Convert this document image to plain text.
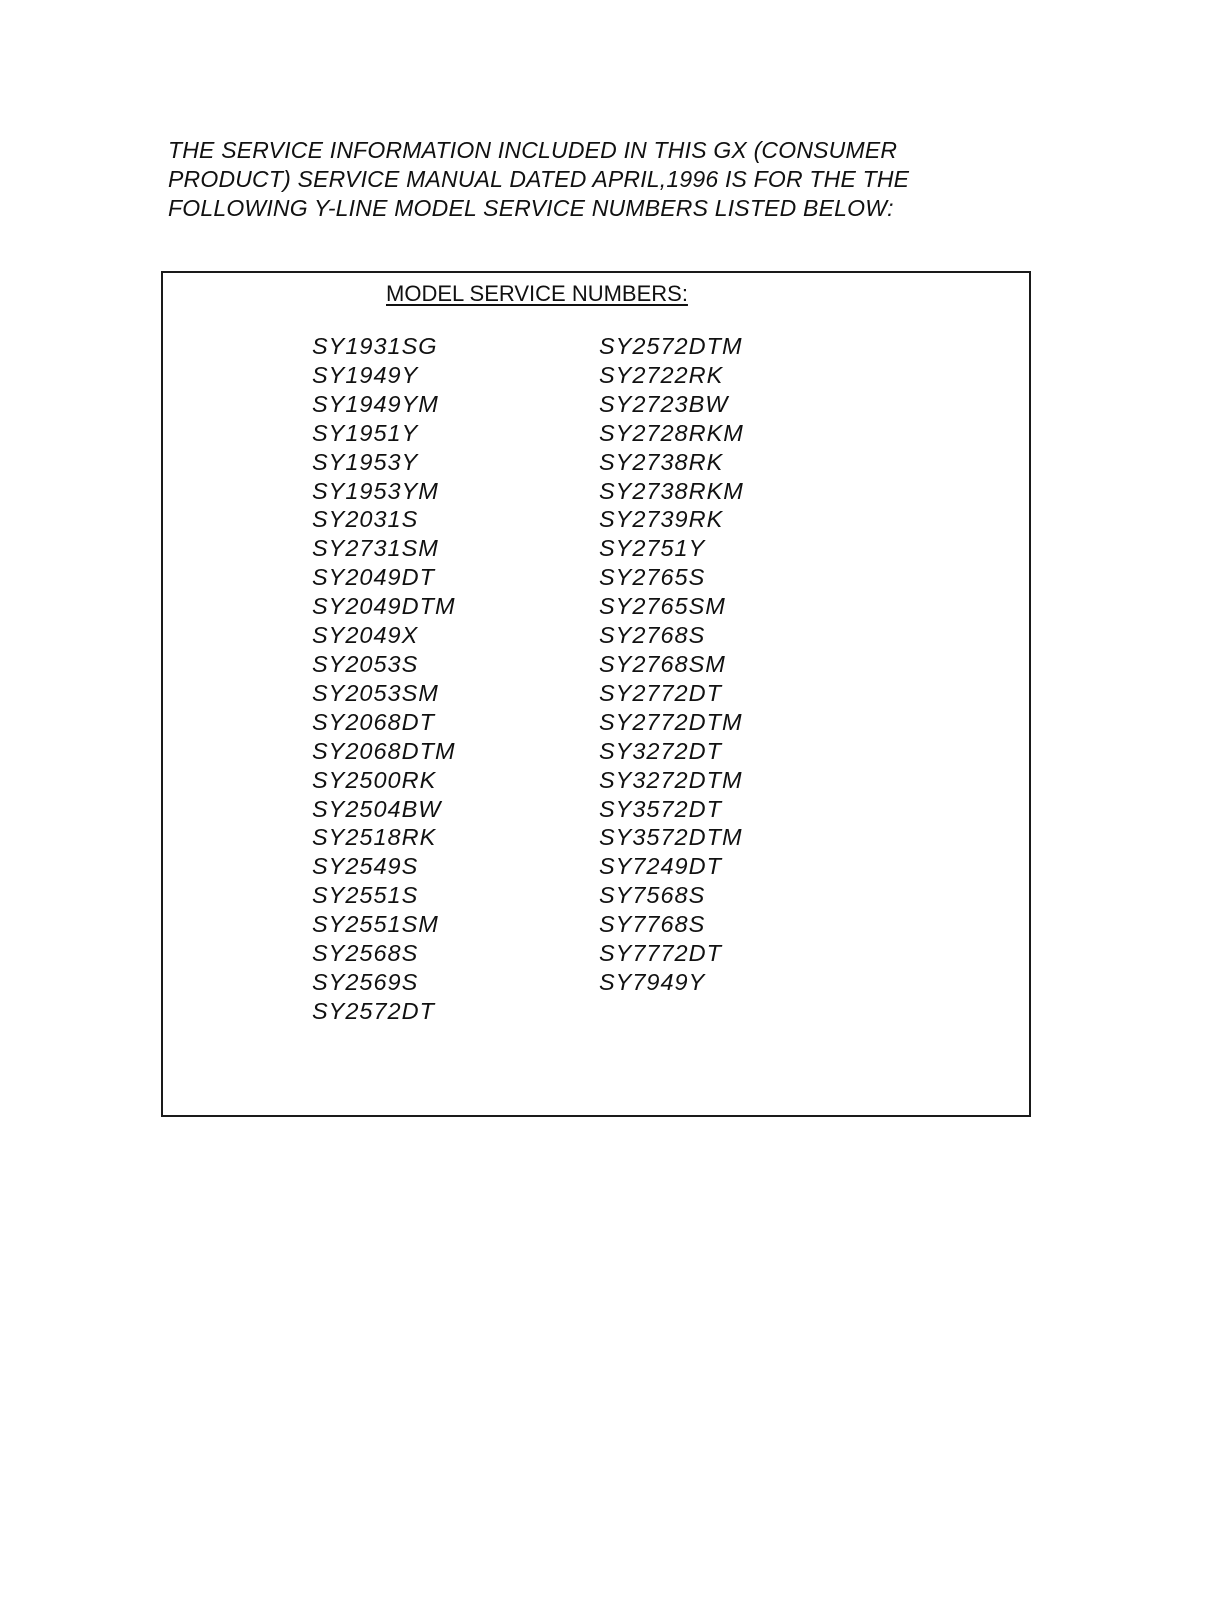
THE SERVICE INFORMATION INCLUDED IN THIS GX (CONSUMER
PRODUCT) SERVICE MANUAL DATED APRIL,1996 IS FOR THE THE
FOLLOWING Y-LINE MODEL SERVICE NUMBERS LISTED BELOW:
MODEL SERVICE NUMBERS:
SY1931SG
SY1949Y
SY1949YM
SY1951Y
SY1953Y
SY1953YM
SY2031S
SY2731SM
SY2049DT
SY2049DTM
SY2049X
SY2053S
SY2053SM
SY2068DT
SY2068DTM
SY2500RK
SY2504BW
SY2518RK
SY2549S
SY2551S
SY2551SM
SY2568S
SY2569S
SY2572DT
SY2572DTM
SY2722RK
SY2723BW
SY2728RKM
SY2738RK
SY2738RKM
SY2739RK
SY2751Y
SY2765S
SY2765SM
SY2768S
SY2768SM
SY2772DT
SY2772DTM
SY3272DT
SY3272DTM
SY3572DT
SY3572DTM
SY7249DT
SY7568S
SY7768S
SY7772DT
SY7949Y
